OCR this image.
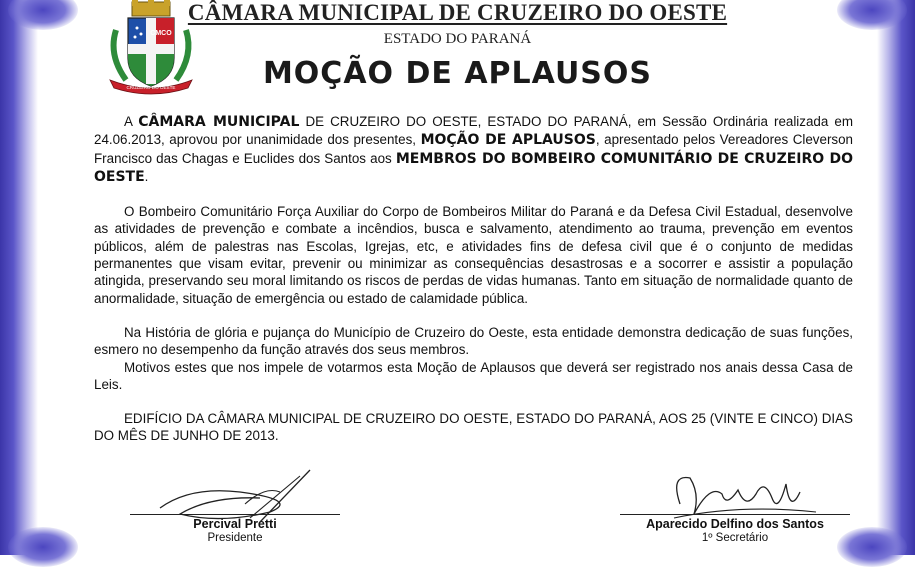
CMCO
CRUZEIRO DO OESTE
CÂMARA MUNICIPAL DE CRUZEIRO DO OESTE
ESTADO DO PARANÁ
MOÇÃO DE APLAUSOS

A CÂMARA MUNICIPAL DE CRUZEIRO DO OESTE, ESTADO DO PARANÁ, em Sessão Ordinária realizada em 24.06.2013, aprovou por unanimidade dos presentes, MOÇÃO DE APLAUSOS, apresentado pelos Vereadores Cleverson Francisco das Chagas e Euclides dos Santos aos MEMBROS DO BOMBEIRO COMUNITÁRIO DE CRUZEIRO DO OESTE.

O Bombeiro Comunitário Força Auxiliar do Corpo de Bombeiros Militar do Paraná e da Defesa Civil Estadual, desenvolve as atividades de prevenção e combate a incêndios, busca e salvamento, atendimento ao trauma, prevenção em eventos públicos, além de palestras nas Escolas, Igrejas, etc, e atividades fins de defesa civil que é o conjunto de medidas permanentes que visam evitar, prevenir ou minimizar as consequências desastrosas e a socorrer e assistir a população atingida, preservando seu moral limitando os riscos de perdas de vidas humanas. Tanto em situação de normalidade quanto de anormalidade, situação de emergência ou estado de calamidade pública.

Na História de glória e pujança do Município de Cruzeiro do Oeste, esta entidade demonstra dedicação de suas funções, esmero no desempenho da função através dos seus membros.

Motivos estes que nos impele de votarmos esta Moção de Aplausos que deverá ser registrado nos anais dessa Casa de Leis.

EDIFÍCIO DA CÂMARA MUNICIPAL DE CRUZEIRO DO OESTE, ESTADO DO PARANÁ, AOS 25 (VINTE E CINCO) DIAS DO MÊS DE JUNHO DE 2013.

Percival Pretti
Presidente
Aparecido Delfino dos Santos
1º Secretário
